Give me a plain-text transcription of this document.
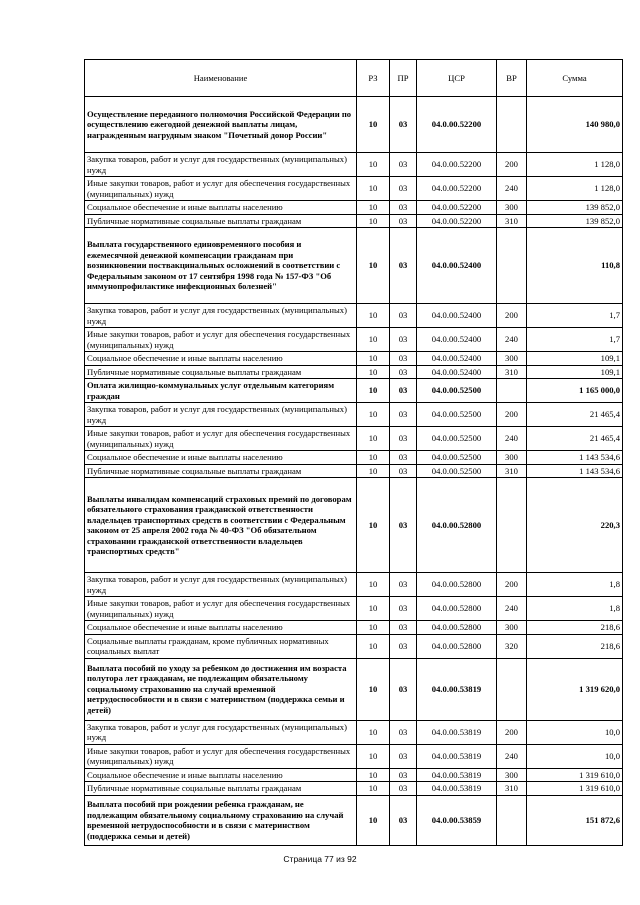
Наименование	РЗ	ПР	ЦСР	ВР	Сумма
Осуществление переданного полномочия Российской Федерации по осуществлению ежегодной денежной выплаты лицам, награжденным нагрудным знаком "Почетный донор России"	10	03	04.0.00.52200		140 980,0
Закупка товаров, работ и услуг для государственных (муниципальных) нужд	10	03	04.0.00.52200	200	1 128,0
Иные закупки товаров, работ и услуг для обеспечения государственных (муниципальных) нужд	10	03	04.0.00.52200	240	1 128,0
Социальное обеспечение и иные выплаты населению	10	03	04.0.00.52200	300	139 852,0
Публичные нормативные социальные выплаты гражданам	10	03	04.0.00.52200	310	139 852,0
Выплата государственного единовременного пособия и ежемесячной денежной компенсации гражданам при возникновении поствакцинальных осложнений в соответствии с Федеральным законом от 17 сентября 1998 года № 157-ФЗ "Об иммунопрофилактике инфекционных болезней"	10	03	04.0.00.52400		110,8
Закупка товаров, работ и услуг для государственных (муниципальных) нужд	10	03	04.0.00.52400	200	1,7
Иные закупки товаров, работ и услуг для обеспечения государственных (муниципальных) нужд	10	03	04.0.00.52400	240	1,7
Социальное обеспечение и иные выплаты населению	10	03	04.0.00.52400	300	109,1
Публичные нормативные социальные выплаты гражданам	10	03	04.0.00.52400	310	109,1
Оплата жилищно-коммунальных услуг отдельным категориям граждан	10	03	04.0.00.52500		1 165 000,0
Закупка товаров, работ и услуг для государственных (муниципальных) нужд	10	03	04.0.00.52500	200	21 465,4
Иные закупки товаров, работ и услуг для обеспечения государственных (муниципальных) нужд	10	03	04.0.00.52500	240	21 465,4
Социальное обеспечение и иные выплаты населению	10	03	04.0.00.52500	300	1 143 534,6
Публичные нормативные социальные выплаты гражданам	10	03	04.0.00.52500	310	1 143 534,6
Выплаты инвалидам компенсаций страховых премий по договорам обязательного страхования гражданской ответственности владельцев транспортных средств в соответствии с Федеральным законом от 25 апреля 2002 года № 40-ФЗ "Об обязательном страховании гражданской ответственности владельцев транспортных средств"	10	03	04.0.00.52800		220,3
Закупка товаров, работ и услуг для государственных (муниципальных) нужд	10	03	04.0.00.52800	200	1,8
Иные закупки товаров, работ и услуг для обеспечения государственных (муниципальных) нужд	10	03	04.0.00.52800	240	1,8
Социальное обеспечение и иные выплаты населению	10	03	04.0.00.52800	300	218,6
Социальные выплаты гражданам, кроме публичных нормативных социальных выплат	10	03	04.0.00.52800	320	218,6
Выплата пособий по уходу за ребенком до достижения им возраста полутора лет гражданам, не подлежащим обязательному социальному страхованию на случай временной нетрудоспособности и в связи с материнством (поддержка семьи и детей)	10	03	04.0.00.53819		1 319 620,0
Закупка товаров, работ и услуг для государственных (муниципальных) нужд	10	03	04.0.00.53819	200	10,0
Иные закупки товаров, работ и услуг для обеспечения государственных (муниципальных) нужд	10	03	04.0.00.53819	240	10,0
Социальное обеспечение и иные выплаты населению	10	03	04.0.00.53819	300	1 319 610,0
Публичные нормативные социальные выплаты гражданам	10	03	04.0.00.53819	310	1 319 610,0
Выплата пособий при рождении ребенка гражданам, не подлежащим обязательному социальному страхованию на случай временной нетрудоспособности и в связи с материнством (поддержка семьи и детей)	10	03	04.0.00.53859		151 872,6
Страница 77 из 92
